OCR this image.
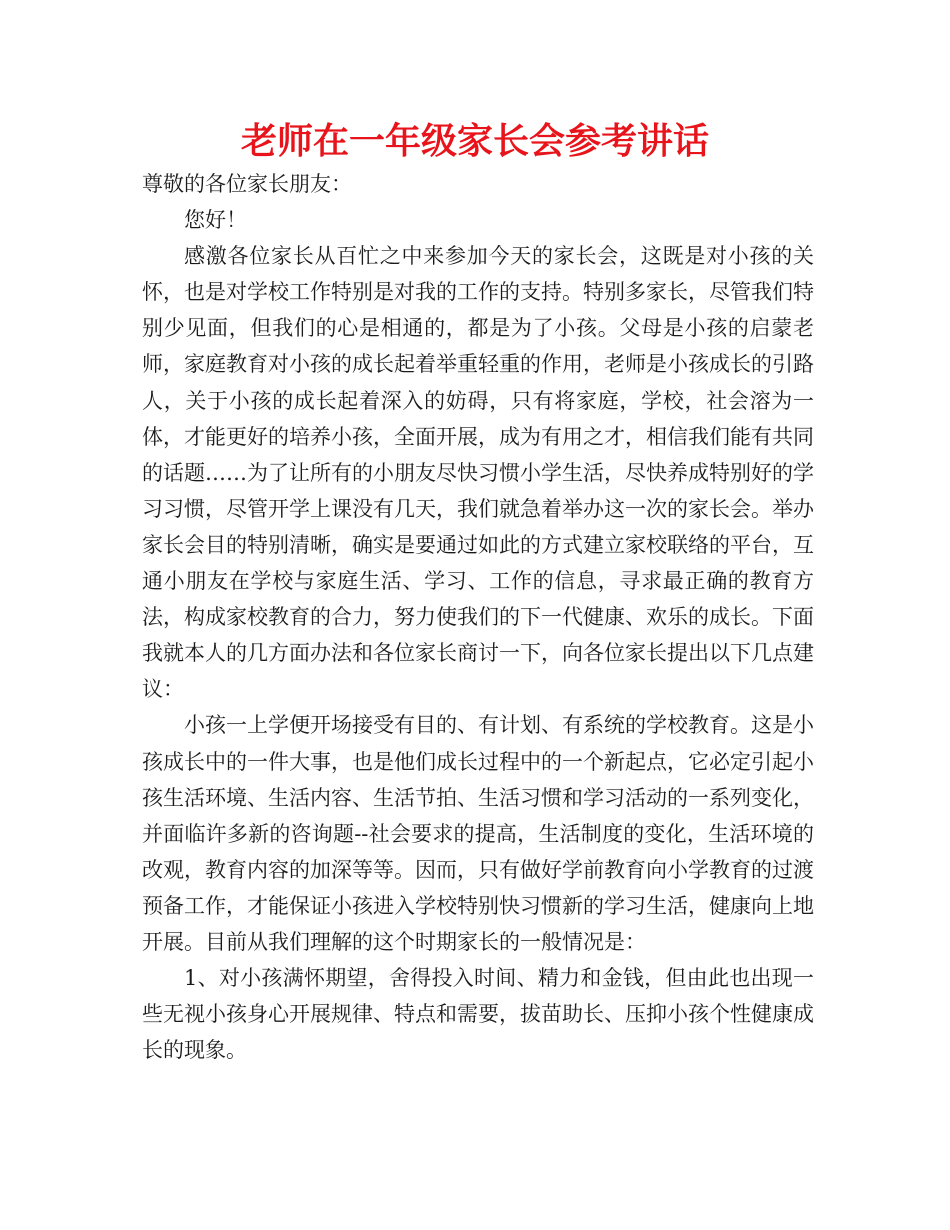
老师在一年级家长会参考讲话

尊敬的各位家长朋友：

您好！

感激各位家长从百忙之中来参加今天的家长会，这既是对小孩的关怀，也是对学校工作特别是对我的工作的支持。特别多家长，尽管我们特别少见面，但我们的心是相通的，都是为了小孩。父母是小孩的启蒙老师，家庭教育对小孩的成长起着举重轻重的作用，老师是小孩成长的引路人，关于小孩的成长起着深入的妨碍，只有将家庭，学校，社会溶为一体，才能更好的培养小孩，全面开展，成为有用之才，相信我们能有共同的话题……为了让所有的小朋友尽快习惯小学生活，尽快养成特别好的学习习惯，尽管开学上课没有几天，我们就急着举办这一次的家长会。举办家长会目的特别清晰，确实是要通过如此的方式建立家校联络的平台，互通小朋友在学校与家庭生活、学习、工作的信息，寻求最正确的教育方法，构成家校教育的合力，努力使我们的下一代健康、欢乐的成长。下面我就本人的几方面办法和各位家长商讨一下，向各位家长提出以下几点建议：

小孩一上学便开场接受有目的、有计划、有系统的学校教育。这是小孩成长中的一件大事，也是他们成长过程中的一个新起点，它必定引起小孩生活环境、生活内容、生活节拍、生活习惯和学习活动的一系列变化，并面临许多新的咨询题--社会要求的提高，生活制度的变化，生活环境的改观，教育内容的加深等等。因而，只有做好学前教育向小学教育的过渡预备工作，才能保证小孩进入学校特别快习惯新的学习生活，健康向上地开展。目前从我们理解的这个时期家长的一般情况是：

1、对小孩满怀期望，舍得投入时间、精力和金钱，但由此也出现一些无视小孩身心开展规律、特点和需要，拔苗助长、压抑小孩个性健康成长的现象。
